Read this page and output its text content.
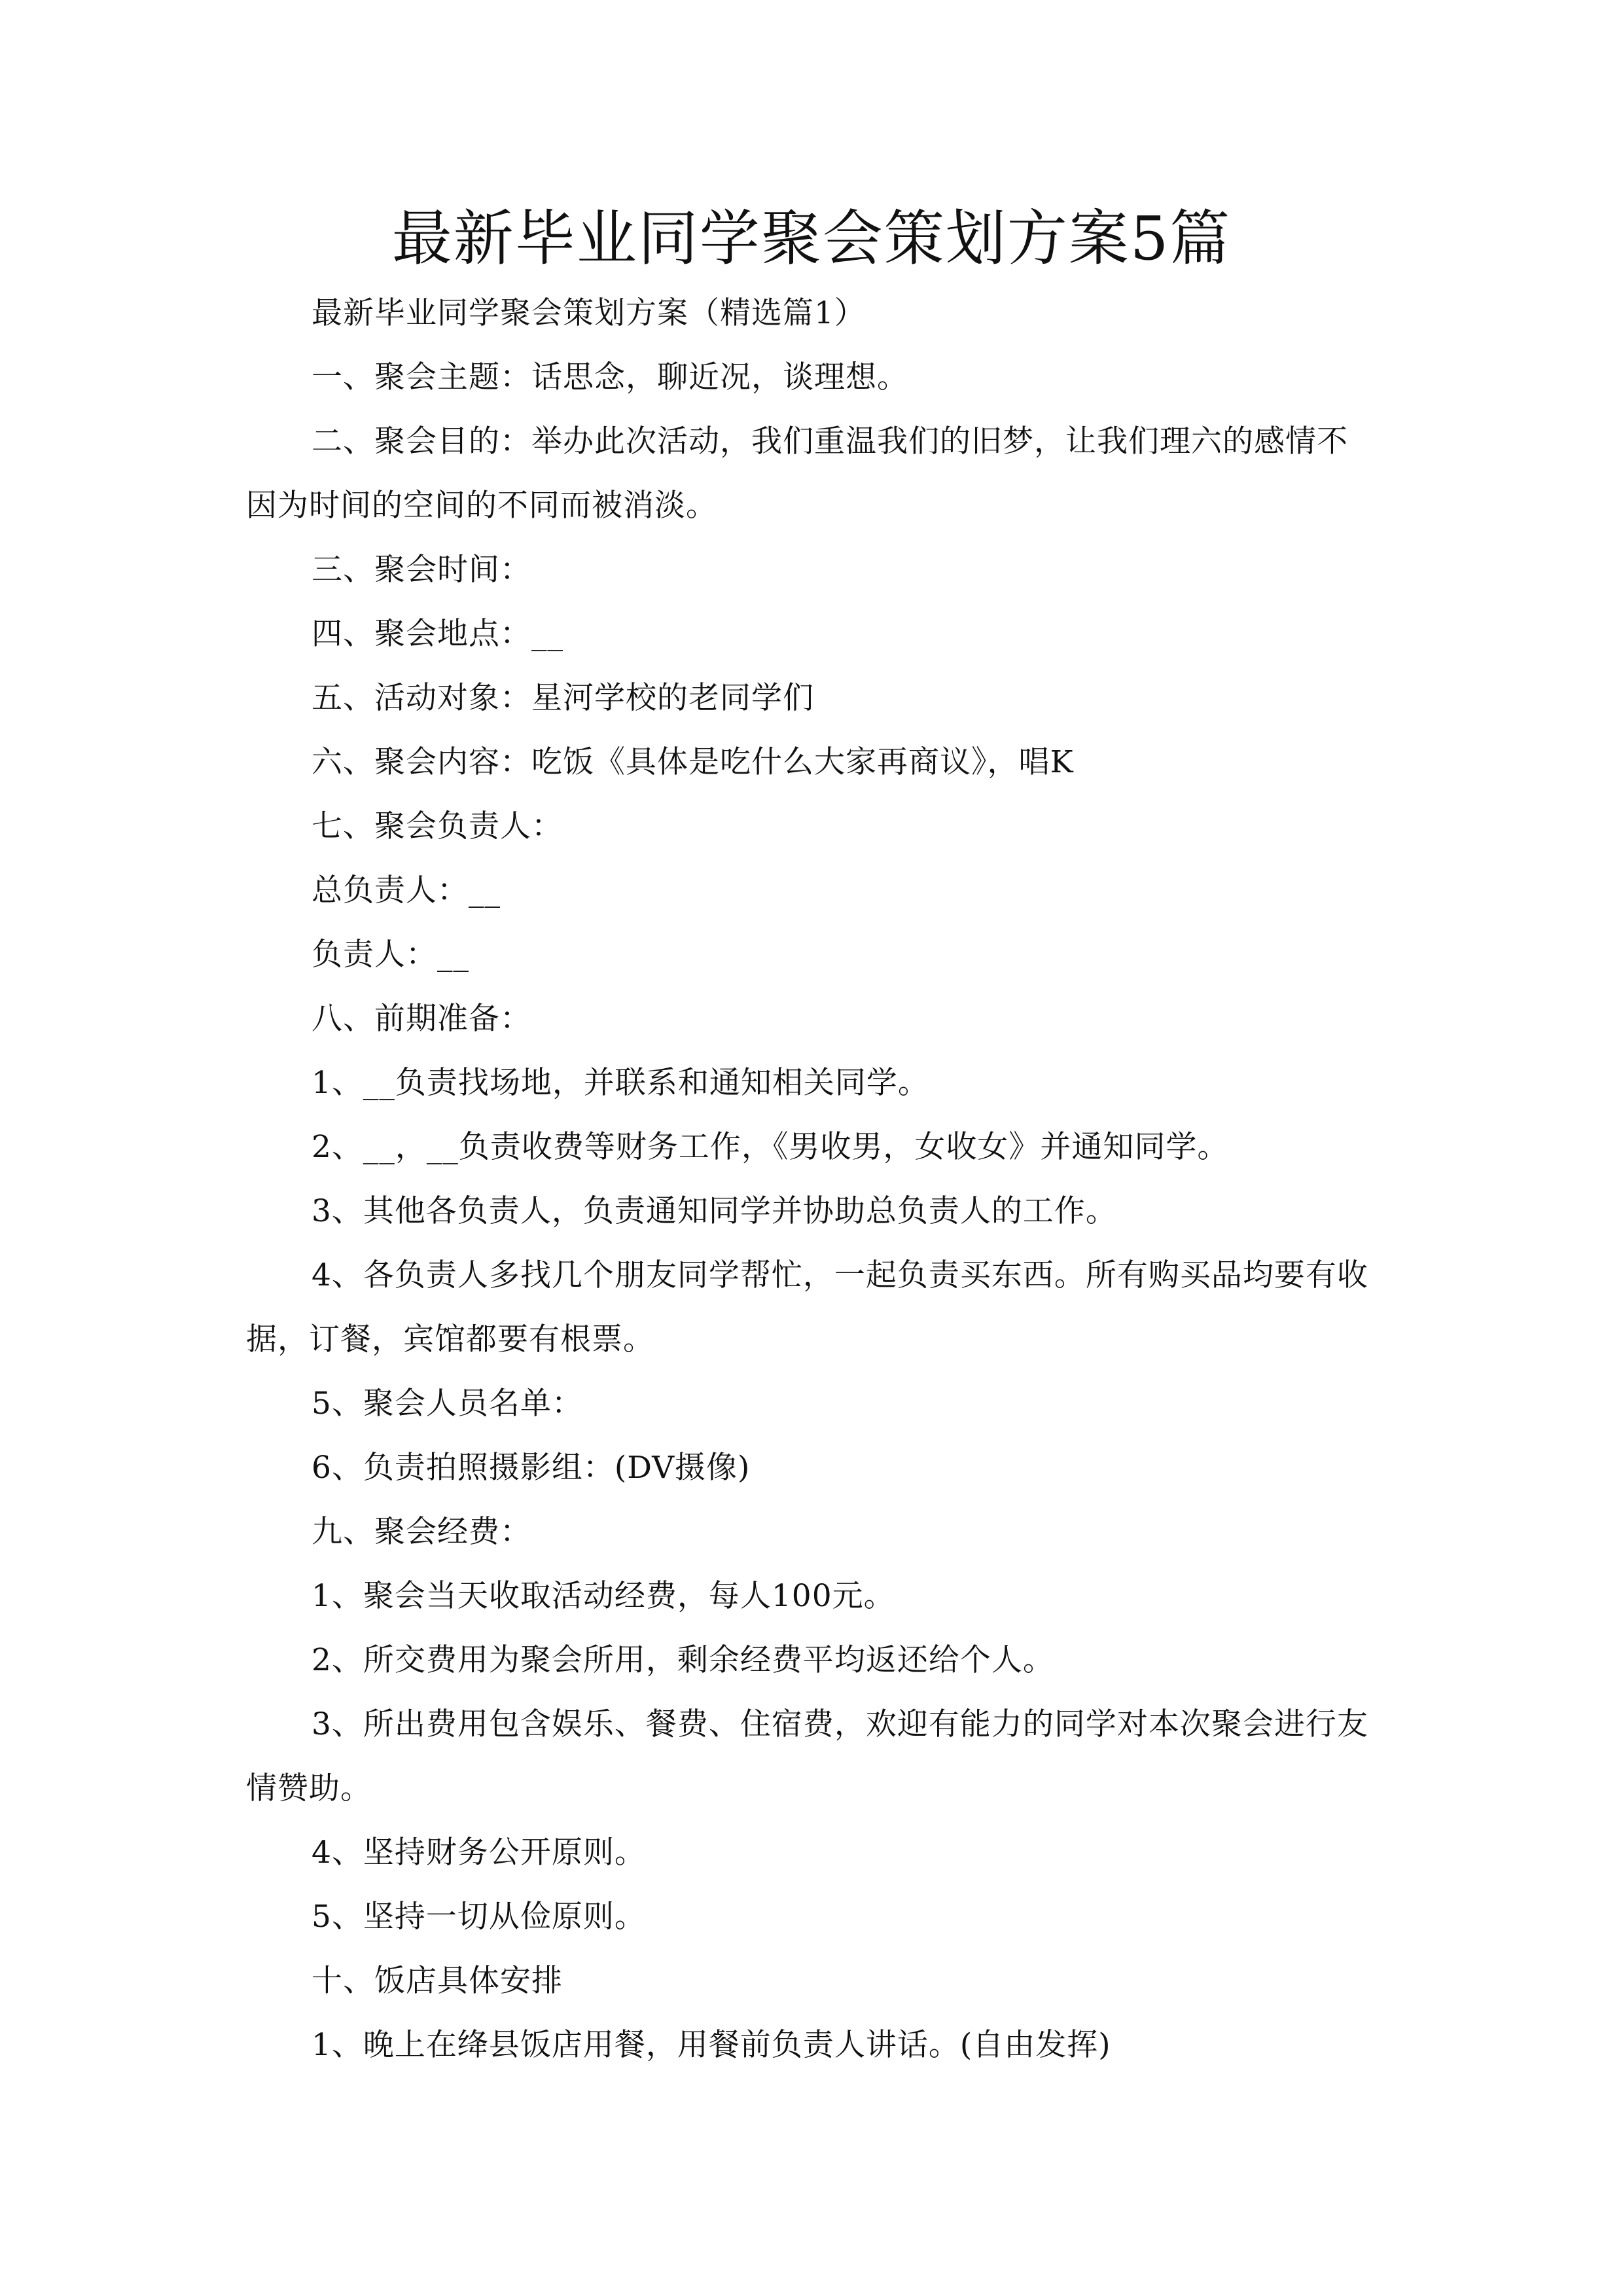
最新毕业同学聚会策划方案5篇

最新毕业同学聚会策划方案（精选篇1）

一、聚会主题：话思念，聊近况，谈理想。

二、聚会目的：举办此次活动，我们重温我们的旧梦，让我们理六的感情不因为时间的空间的不同而被消淡。

三、聚会时间：

四、聚会地点：__

五、活动对象：星河学校的老同学们

六、聚会内容：吃饭《具体是吃什么大家再商议》，唱K

七、聚会负责人：

总负责人：__

负责人：__

八、前期准备：

1、__负责找场地，并联系和通知相关同学。

2、__，__负责收费等财务工作，《男收男，女收女》并通知同学。

3、其他各负责人，负责通知同学并协助总负责人的工作。

4、各负责人多找几个朋友同学帮忙，一起负责买东西。所有购买品均要有收据，订餐，宾馆都要有根票。

5、聚会人员名单：

6、负责拍照摄影组：(DV摄像)

九、聚会经费：

1、聚会当天收取活动经费，每人100元。

2、所交费用为聚会所用，剩余经费平均返还给个人。

3、所出费用包含娱乐、餐费、住宿费，欢迎有能力的同学对本次聚会进行友情赞助。

4、坚持财务公开原则。

5、坚持一切从俭原则。

十、饭店具体安排

1、晚上在绛县饭店用餐，用餐前负责人讲话。(自由发挥)
